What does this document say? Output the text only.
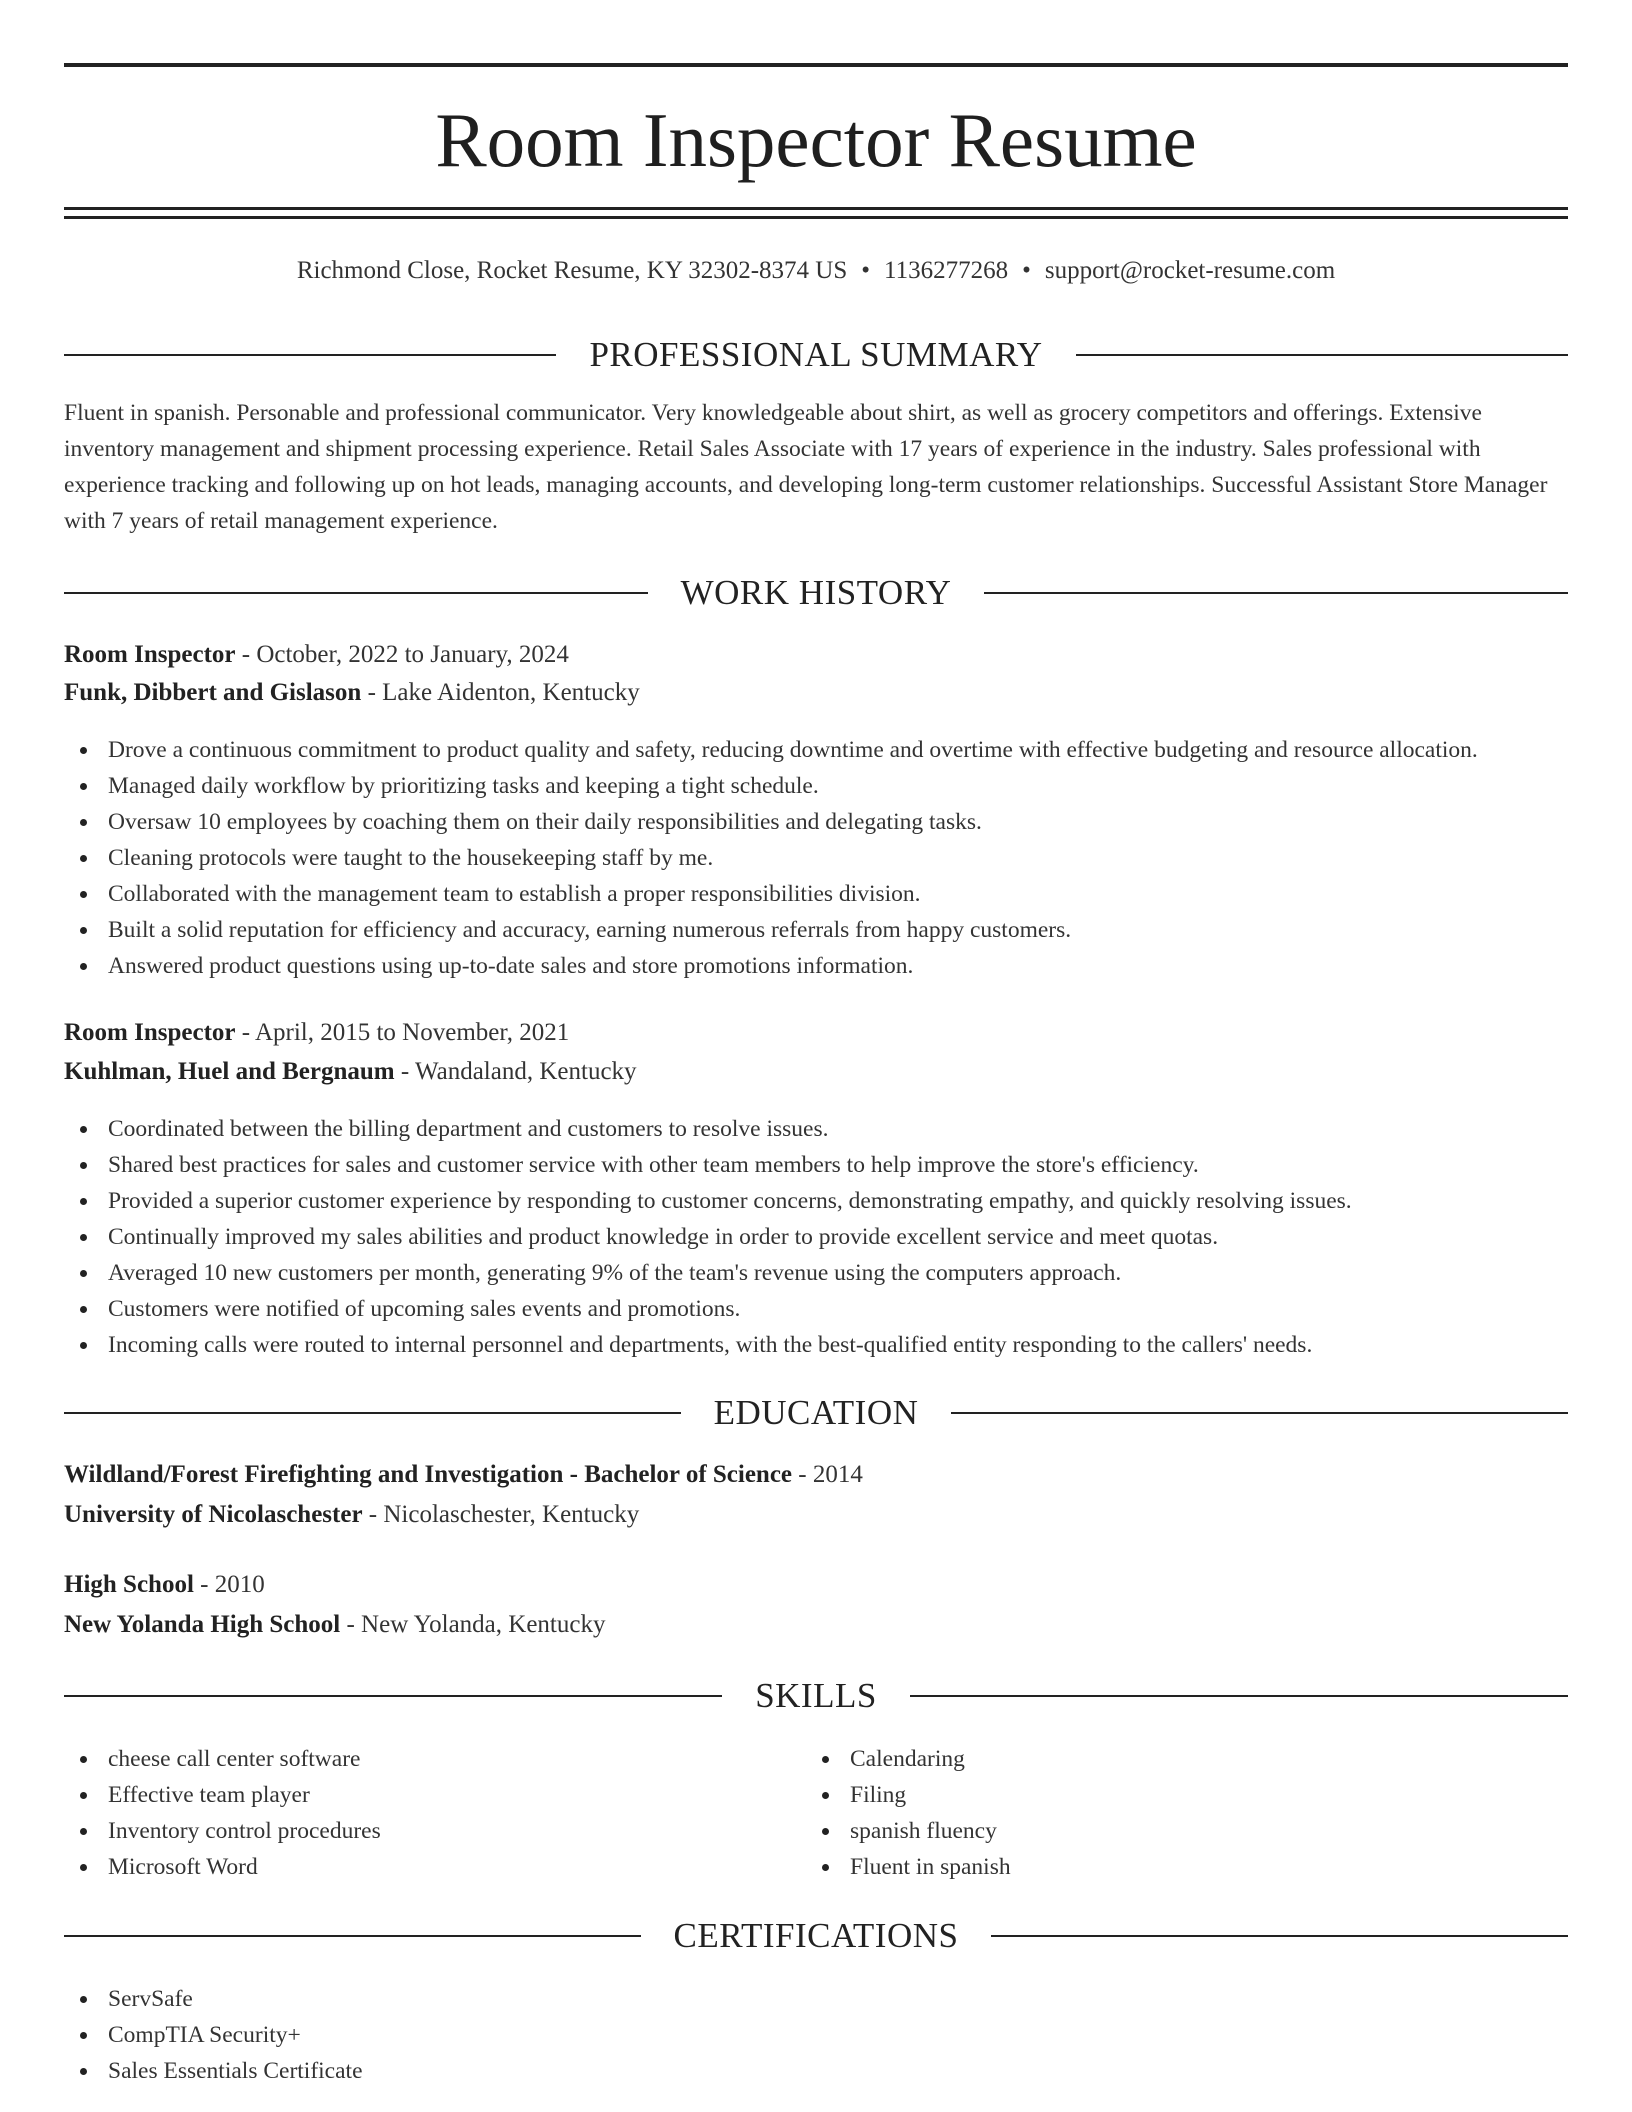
Room Inspector Resume
Richmond Close, Rocket Resume, KY 32302-8374 US • 1136277268 • support@rocket-resume.com
PROFESSIONAL SUMMARY
Fluent in spanish. Personable and professional communicator. Very knowledgeable about shirt, as well as grocery competitors and offerings. Extensive inventory management and shipment processing experience. Retail Sales Associate with 17 years of experience in the industry. Sales professional with experience tracking and following up on hot leads, managing accounts, and developing long-term customer relationships. Successful Assistant Store Manager with 7 years of retail management experience.
WORK HISTORY
Room Inspector - October, 2022 to January, 2024
Funk, Dibbert and Gislason - Lake Aidenton, Kentucky
Drove a continuous commitment to product quality and safety, reducing downtime and overtime with effective budgeting and resource allocation.
Managed daily workflow by prioritizing tasks and keeping a tight schedule.
Oversaw 10 employees by coaching them on their daily responsibilities and delegating tasks.
Cleaning protocols were taught to the housekeeping staff by me.
Collaborated with the management team to establish a proper responsibilities division.
Built a solid reputation for efficiency and accuracy, earning numerous referrals from happy customers.
Answered product questions using up-to-date sales and store promotions information.
Room Inspector - April, 2015 to November, 2021
Kuhlman, Huel and Bergnaum - Wandaland, Kentucky
Coordinated between the billing department and customers to resolve issues.
Shared best practices for sales and customer service with other team members to help improve the store's efficiency.
Provided a superior customer experience by responding to customer concerns, demonstrating empathy, and quickly resolving issues.
Continually improved my sales abilities and product knowledge in order to provide excellent service and meet quotas.
Averaged 10 new customers per month, generating 9% of the team's revenue using the computers approach.
Customers were notified of upcoming sales events and promotions.
Incoming calls were routed to internal personnel and departments, with the best-qualified entity responding to the callers' needs.
EDUCATION
Wildland/Forest Firefighting and Investigation - Bachelor of Science - 2014
University of Nicolaschester - Nicolaschester, Kentucky
High School - 2010
New Yolanda High School - New Yolanda, Kentucky
SKILLS
cheese call center software
Effective team player
Inventory control procedures
Microsoft Word
Calendaring
Filing
spanish fluency
Fluent in spanish
CERTIFICATIONS
ServSafe
CompTIA Security+
Sales Essentials Certificate
